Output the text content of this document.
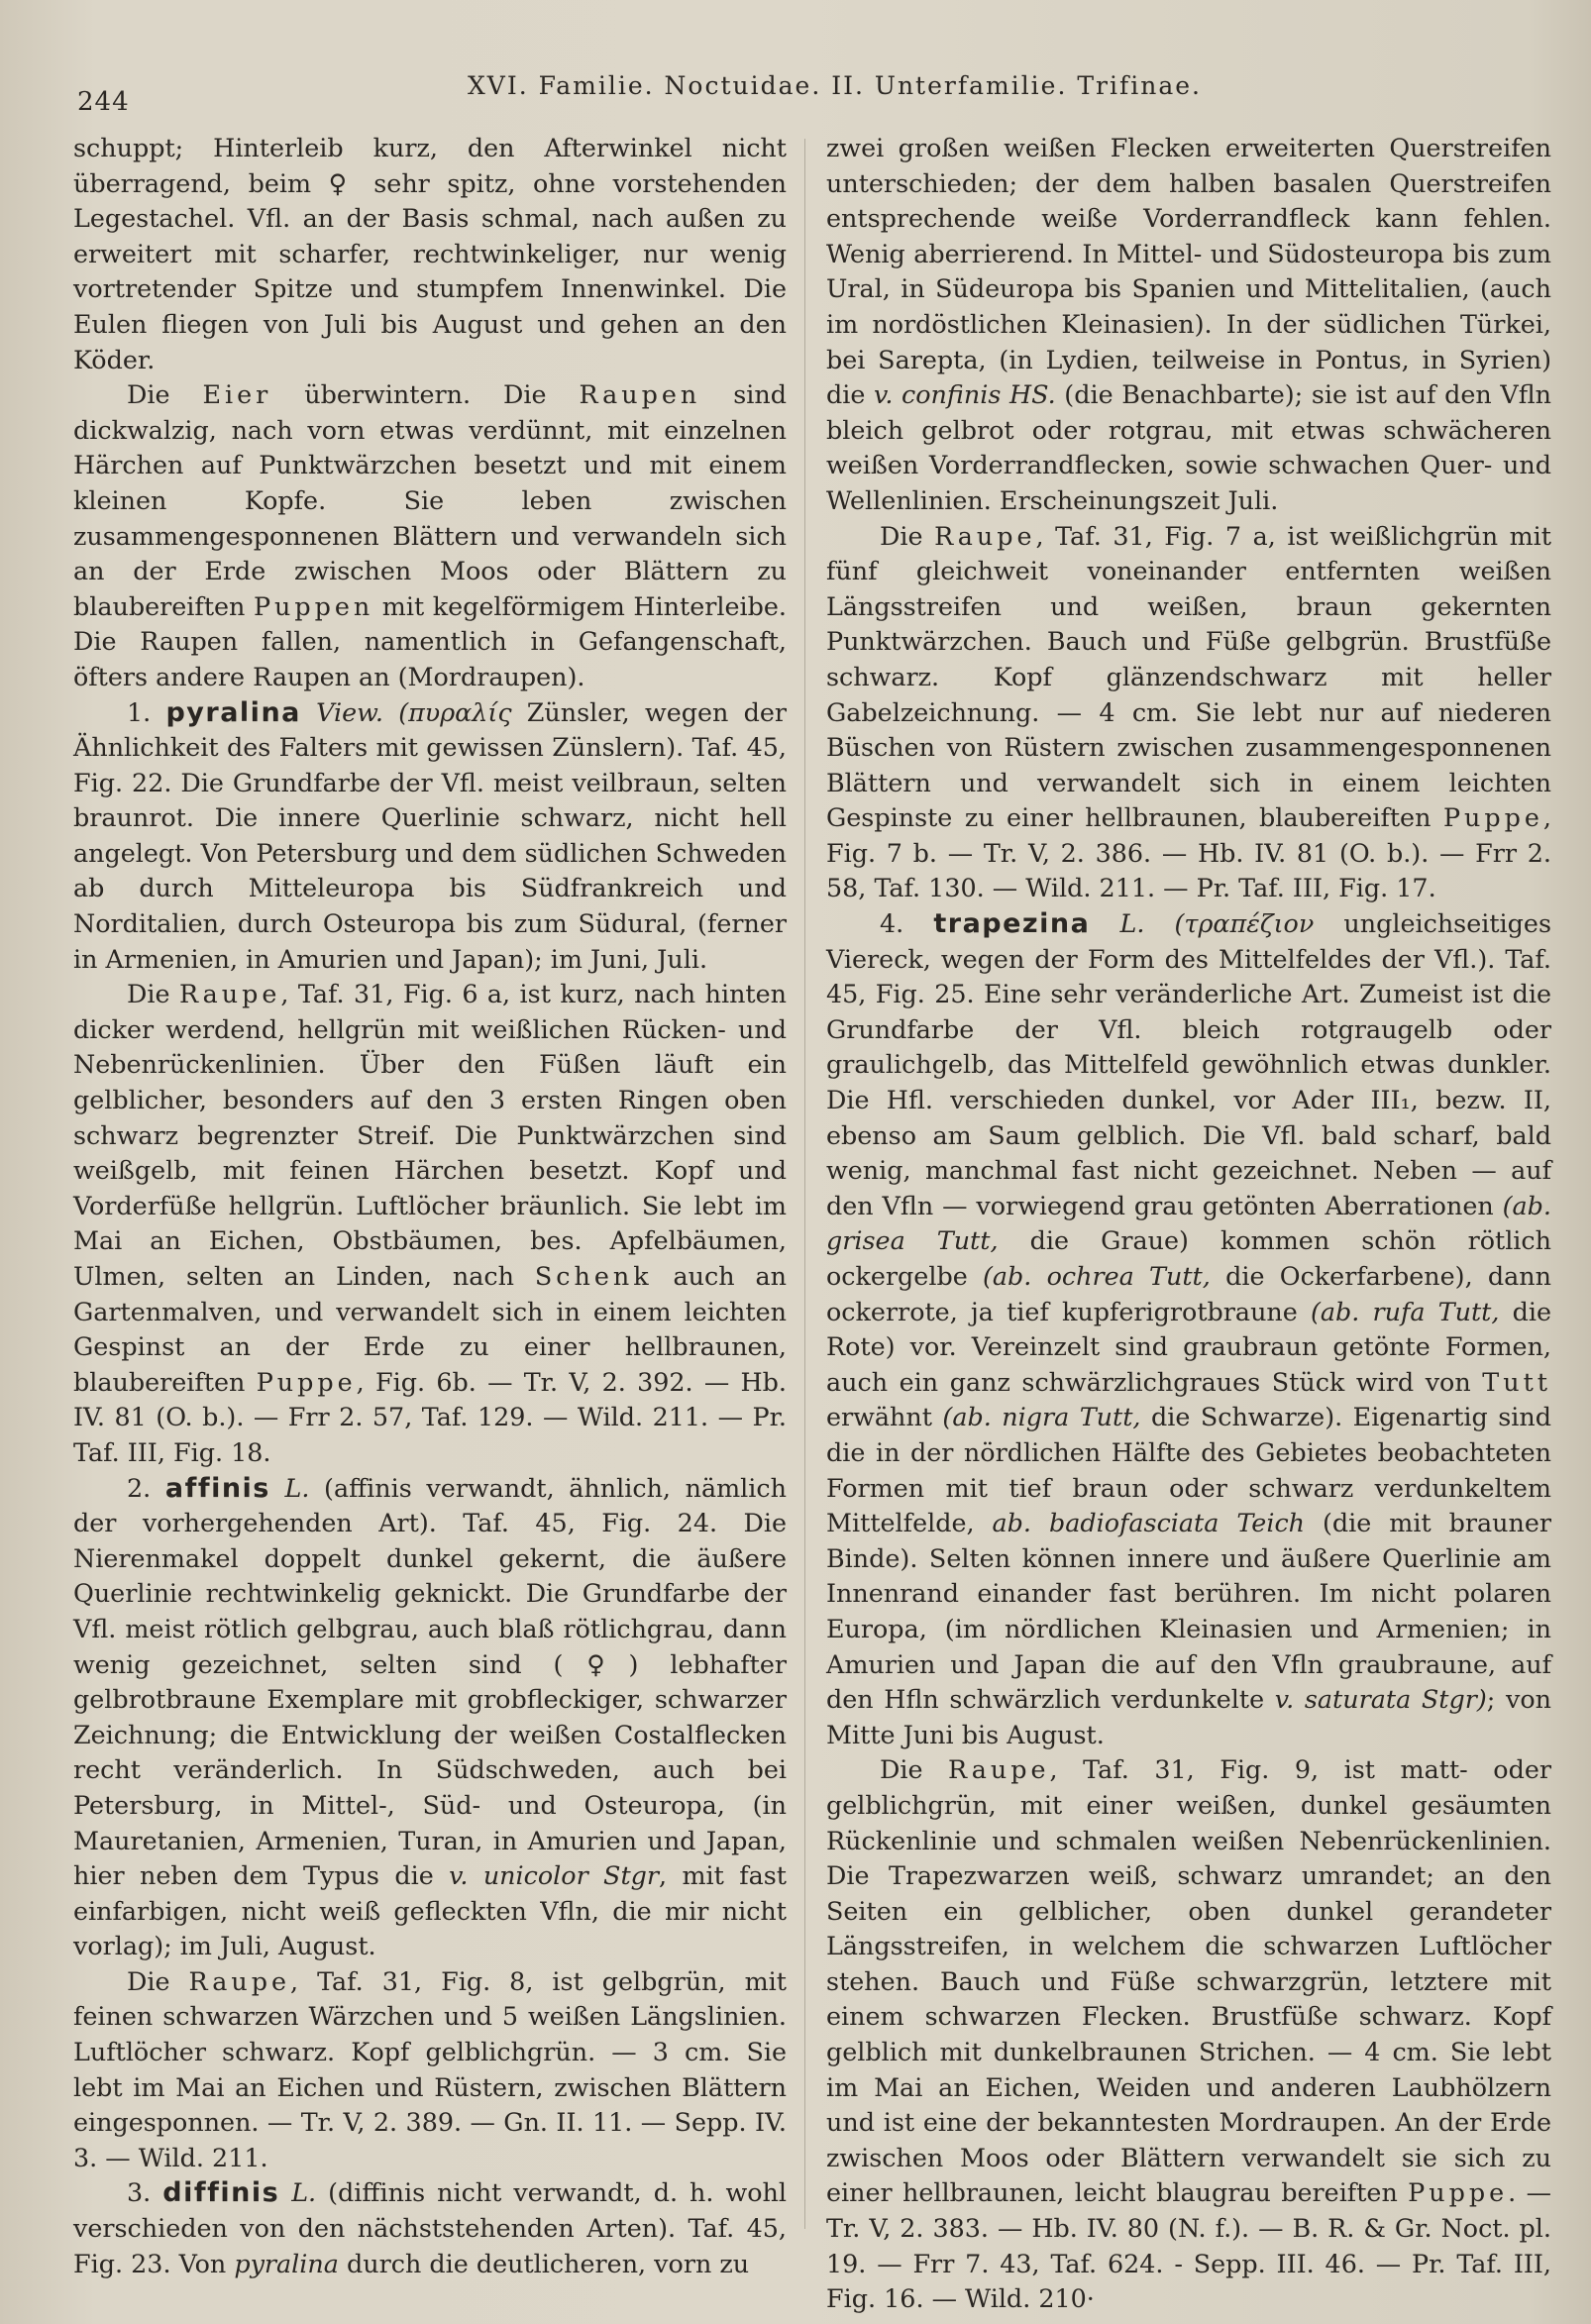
244
XVI. Familie. Noctuidae. II. Unterfamilie. Trifinae.

schuppt; Hinterleib kurz, den Afterwinkel nicht überragend, beim ♀ sehr spitz, ohne vorstehenden Legestachel. Vfl. an der Basis schmal, nach außen zu erweitert mit scharfer, rechtwinkeliger, nur wenig vortretender Spitze und stumpfem Innenwinkel. Die Eulen fliegen von Juli bis August und gehen an den Köder.

Die Eier überwintern. Die Raupen sind dickwalzig, nach vorn etwas verdünnt, mit einzelnen Härchen auf Punktwärzchen besetzt und mit einem kleinen Kopfe. Sie leben zwischen zusammengesponnenen Blättern und verwandeln sich an der Erde zwischen Moos oder Blättern zu blaubereiften Puppen mit kegelförmigem Hinterleibe. Die Raupen fallen, namentlich in Gefangenschaft, öfters andere Raupen an (Mordraupen).

1. pyralina View. (πυραλίς Zünsler, wegen der Ähnlichkeit des Falters mit gewissen Zünslern). Taf. 45, Fig. 22. Die Grundfarbe der Vfl. meist veilbraun, selten braunrot. Die innere Querlinie schwarz, nicht hell angelegt. Von Petersburg und dem südlichen Schweden ab durch Mitteleuropa bis Südfrankreich und Norditalien, durch Osteuropa bis zum Südural, (ferner in Armenien, in Amurien und Japan); im Juni, Juli.

Die Raupe, Taf. 31, Fig. 6 a, ist kurz, nach hinten dicker werdend, hellgrün mit weißlichen Rücken- und Nebenrückenlinien. Über den Füßen läuft ein gelblicher, besonders auf den 3 ersten Ringen oben schwarz begrenzter Streif. Die Punktwärzchen sind weißgelb, mit feinen Härchen besetzt. Kopf und Vorderfüße hellgrün. Luftlöcher bräunlich. Sie lebt im Mai an Eichen, Obstbäumen, bes. Apfelbäumen, Ulmen, selten an Linden, nach Schenk auch an Gartenmalven, und verwandelt sich in einem leichten Gespinst an der Erde zu einer hellbraunen, blaubereiften Puppe, Fig. 6b. — Tr. V, 2. 392. — Hb. IV. 81 (O. b.). — Frr 2. 57, Taf. 129. — Wild. 211. — Pr. Taf. III, Fig. 18.

2. affinis L. (affinis verwandt, ähnlich, nämlich der vorhergehenden Art). Taf. 45, Fig. 24. Die Nierenmakel doppelt dunkel gekernt, die äußere Querlinie rechtwinkelig geknickt. Die Grundfarbe der Vfl. meist rötlich gelbgrau, auch blaß rötlichgrau, dann wenig gezeichnet, selten sind (♀) lebhafter gelbrotbraune Exemplare mit grobfleckiger, schwarzer Zeichnung; die Entwicklung der weißen Costalflecken recht veränderlich. In Südschweden, auch bei Petersburg, in Mittel-, Süd- und Osteuropa, (in Mauretanien, Armenien, Turan, in Amurien und Japan, hier neben dem Typus die v. unicolor Stgr, mit fast einfarbigen, nicht weiß gefleckten Vfln, die mir nicht vorlag); im Juli, August.

Die Raupe, Taf. 31, Fig. 8, ist gelbgrün, mit feinen schwarzen Wärzchen und 5 weißen Längslinien. Luftlöcher schwarz. Kopf gelblichgrün. — 3 cm. Sie lebt im Mai an Eichen und Rüstern, zwischen Blättern eingesponnen. — Tr. V, 2. 389. — Gn. II. 11. — Sepp. IV. 3. — Wild. 211.

3. diffinis L. (diffinis nicht verwandt, d. h. wohl verschieden von den nächststehenden Arten). Taf. 45, Fig. 23. Von pyralina durch die deutlicheren, vorn zu

zwei großen weißen Flecken erweiterten Querstreifen unterschieden; der dem halben basalen Querstreifen entsprechende weiße Vorderrandfleck kann fehlen. Wenig aberrierend. In Mittel- und Südosteuropa bis zum Ural, in Südeuropa bis Spanien und Mittelitalien, (auch im nordöstlichen Kleinasien). In der südlichen Türkei, bei Sarepta, (in Lydien, teilweise in Pontus, in Syrien) die v. confinis HS. (die Benachbarte); sie ist auf den Vfln bleich gelbrot oder rotgrau, mit etwas schwächeren weißen Vorderrandflecken, sowie schwachen Quer- und Wellenlinien. Erscheinungszeit Juli.

Die Raupe, Taf. 31, Fig. 7 a, ist weißlichgrün mit fünf gleichweit voneinander entfernten weißen Längsstreifen und weißen, braun gekernten Punktwärzchen. Bauch und Füße gelbgrün. Brustfüße schwarz. Kopf glänzendschwarz mit heller Gabelzeichnung. — 4 cm. Sie lebt nur auf niederen Büschen von Rüstern zwischen zusammengesponnenen Blättern und verwandelt sich in einem leichten Gespinste zu einer hellbraunen, blaubereiften Puppe, Fig. 7 b. — Tr. V, 2. 386. — Hb. IV. 81 (O. b.). — Frr 2. 58, Taf. 130. — Wild. 211. — Pr. Taf. III, Fig. 17.

4. trapezina L. (τραπέζιον ungleichseitiges Viereck, wegen der Form des Mittelfeldes der Vfl.). Taf. 45, Fig. 25. Eine sehr veränderliche Art. Zumeist ist die Grundfarbe der Vfl. bleich rotgraugelb oder graulichgelb, das Mittelfeld gewöhnlich etwas dunkler. Die Hfl. verschieden dunkel, vor Ader III₁, bezw. II, ebenso am Saum gelblich. Die Vfl. bald scharf, bald wenig, manchmal fast nicht gezeichnet. Neben — auf den Vfln — vorwiegend grau getönten Aberrationen (ab. grisea Tutt, die Graue) kommen schön rötlich ockergelbe (ab. ochrea Tutt, die Ockerfarbene), dann ockerrote, ja tief kupferigrotbraune (ab. rufa Tutt, die Rote) vor. Vereinzelt sind graubraun getönte Formen, auch ein ganz schwärzlichgraues Stück wird von Tutt erwähnt (ab. nigra Tutt, die Schwarze). Eigenartig sind die in der nördlichen Hälfte des Gebietes beobachteten Formen mit tief braun oder schwarz verdunkeltem Mittelfelde, ab. badiofasciata Teich (die mit brauner Binde). Selten können innere und äußere Querlinie am Innenrand einander fast berühren. Im nicht polaren Europa, (im nördlichen Kleinasien und Armenien; in Amurien und Japan die auf den Vfln graubraune, auf den Hfln schwärzlich verdunkelte v. saturata Stgr); von Mitte Juni bis August.

Die Raupe, Taf. 31, Fig. 9, ist matt- oder gelblichgrün, mit einer weißen, dunkel gesäumten Rückenlinie und schmalen weißen Nebenrückenlinien. Die Trapezwarzen weiß, schwarz umrandet; an den Seiten ein gelblicher, oben dunkel gerandeter Längsstreifen, in welchem die schwarzen Luftlöcher stehen. Bauch und Füße schwarzgrün, letztere mit einem schwarzen Flecken. Brustfüße schwarz. Kopf gelblich mit dunkelbraunen Strichen. — 4 cm. Sie lebt im Mai an Eichen, Weiden und anderen Laubhölzern und ist eine der bekanntesten Mordraupen. An der Erde zwischen Moos oder Blättern verwandelt sie sich zu einer hellbraunen, leicht blaugrau bereiften Puppe. — Tr. V, 2. 383. — Hb. IV. 80 (N. f.). — B. R. & Gr. Noct. pl. 19. — Frr 7. 43, Taf. 624. - Sepp. III. 46. — Pr. Taf. III, Fig. 16. — Wild. 210·
